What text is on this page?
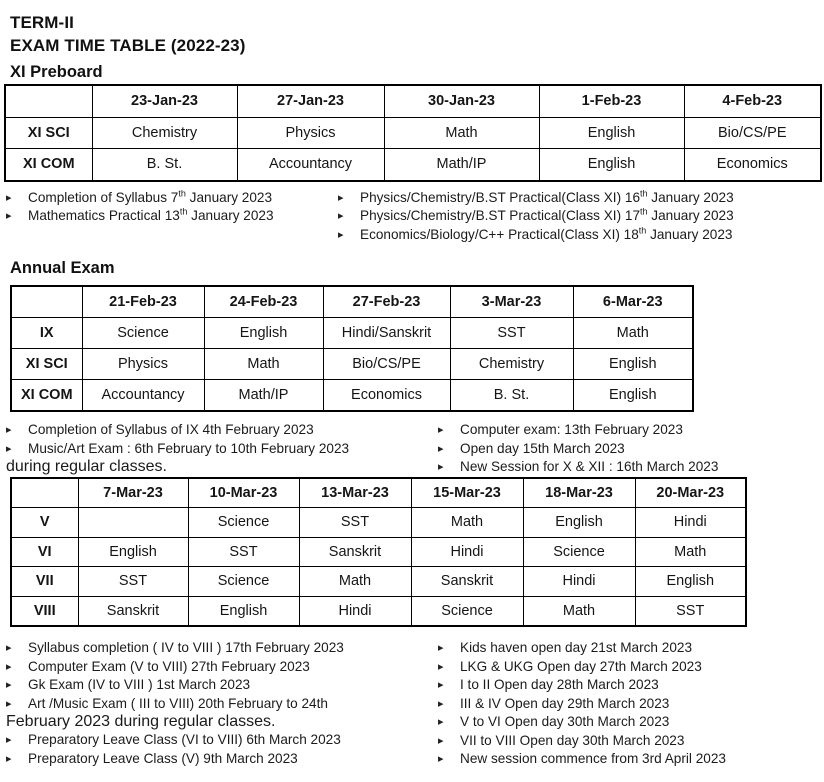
TERM-II
EXAM TIME TABLE (2022-23)
XI Preboard
	23-Jan-23	27-Jan-23	30-Jan-23	1-Feb-23	4-Feb-23
XI SCI	Chemistry	Physics	Math	English	Bio/CS/PE
XI COM	B. St.	Accountancy	Math/IP	English	Economics
▸	Completion of Syllabus 7th January 2023
▸	Mathematics Practical 13th January 2023
▸	Physics/Chemistry/B.ST Practical(Class XI) 16th January 2023
▸	Physics/Chemistry/B.ST Practical(Class XI) 17th January 2023
▸	Economics/Biology/C++ Practical(Class XI) 18th January 2023
Annual Exam
	21-Feb-23	24-Feb-23	27-Feb-23	3-Mar-23	6-Mar-23
IX	Science	English	Hindi/Sanskrit	SST	Math
XI SCI	Physics	Math	Bio/CS/PE	Chemistry	English
XI COM	Accountancy	Math/IP	Economics	B. St.	English
▸	Completion of Syllabus of IX 4th February 2023
▸	Music/Art Exam : 6th February to 10th February 2023
during regular classes.
▸	Computer exam: 13th February 2023
▸	Open day 15th March 2023
▸	New Session for X & XII : 16th March 2023
	7-Mar-23	10-Mar-23	13-Mar-23	15-Mar-23	18-Mar-23	20-Mar-23
V		Science	SST	Math	English	Hindi
VI	English	SST	Sanskrit	Hindi	Science	Math
VII	SST	Science	Math	Sanskrit	Hindi	English
VIII	Sanskrit	English	Hindi	Science	Math	SST
▸	Syllabus completion ( IV to VIII ) 17th February 2023
▸	Computer Exam (V to VIII) 27th February 2023
▸	Gk Exam (IV to VIII ) 1st March 2023
▸	Art /Music Exam ( III to VIII) 20th February to 24th
February 2023 during regular classes.
▸	Preparatory Leave Class (VI to VIII) 6th March 2023
▸	Preparatory Leave Class (V) 9th March 2023
▸	Kids haven open day 21st March 2023
▸	LKG & UKG Open day 27th March 2023
▸	I to II Open day 28th March 2023
▸	III & IV Open day 29th March 2023
▸	V to VI Open day 30th March 2023
▸	VII to VIII Open day 30th March 2023
▸	New session commence from 3rd April 2023
